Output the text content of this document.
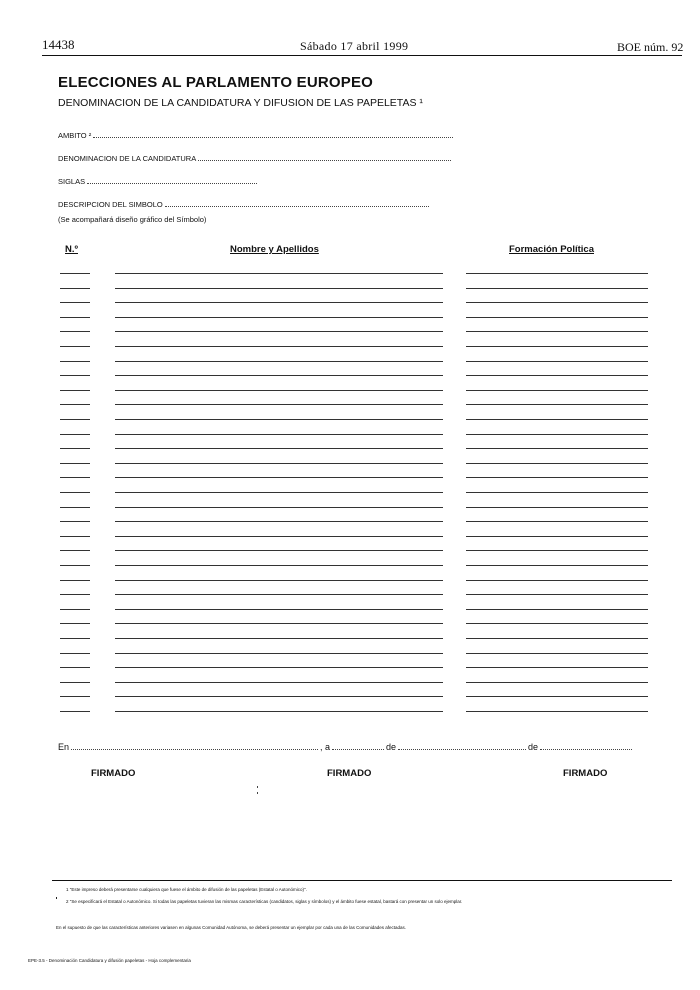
14438	Sábado 17 abril 1999	BOE núm. 92
ELECCIONES AL PARLAMENTO EUROPEO
DENOMINACION DE LA CANDIDATURA Y DIFUSION DE LAS PAPELETAS ¹
AMBITO ²
DENOMINACION DE LA CANDIDATURA
SIGLAS
DESCRIPCION DEL SIMBOLO
(Se acompañará diseño gráfico del Símbolo)
N.º	Nombre y Apellidos	Formación Política
En	, a	de	de
FIRMADO	FIRMADO	FIRMADO
1 "Este impreso deberá presentarse cualquiera que fuese el ámbito de difusión de las papeletas (Estatal o Autonómico)".
2 "Se especificará el Estatal o Autonómico. Si todas las papeletas tuvieran las mismas características (candidatos, siglas y símbolos) y el ámbito fuese estatal, bastará con presentar un solo ejemplar.
En el supuesto de que las características anteriores variasen en algunas Comunidad Autónoma, se deberá presentar un ejemplar por cada una de las Comunidades afectadas.
EPE-3.5 - Denominación Candidatura y difusión papeletas - Hoja complementaria
